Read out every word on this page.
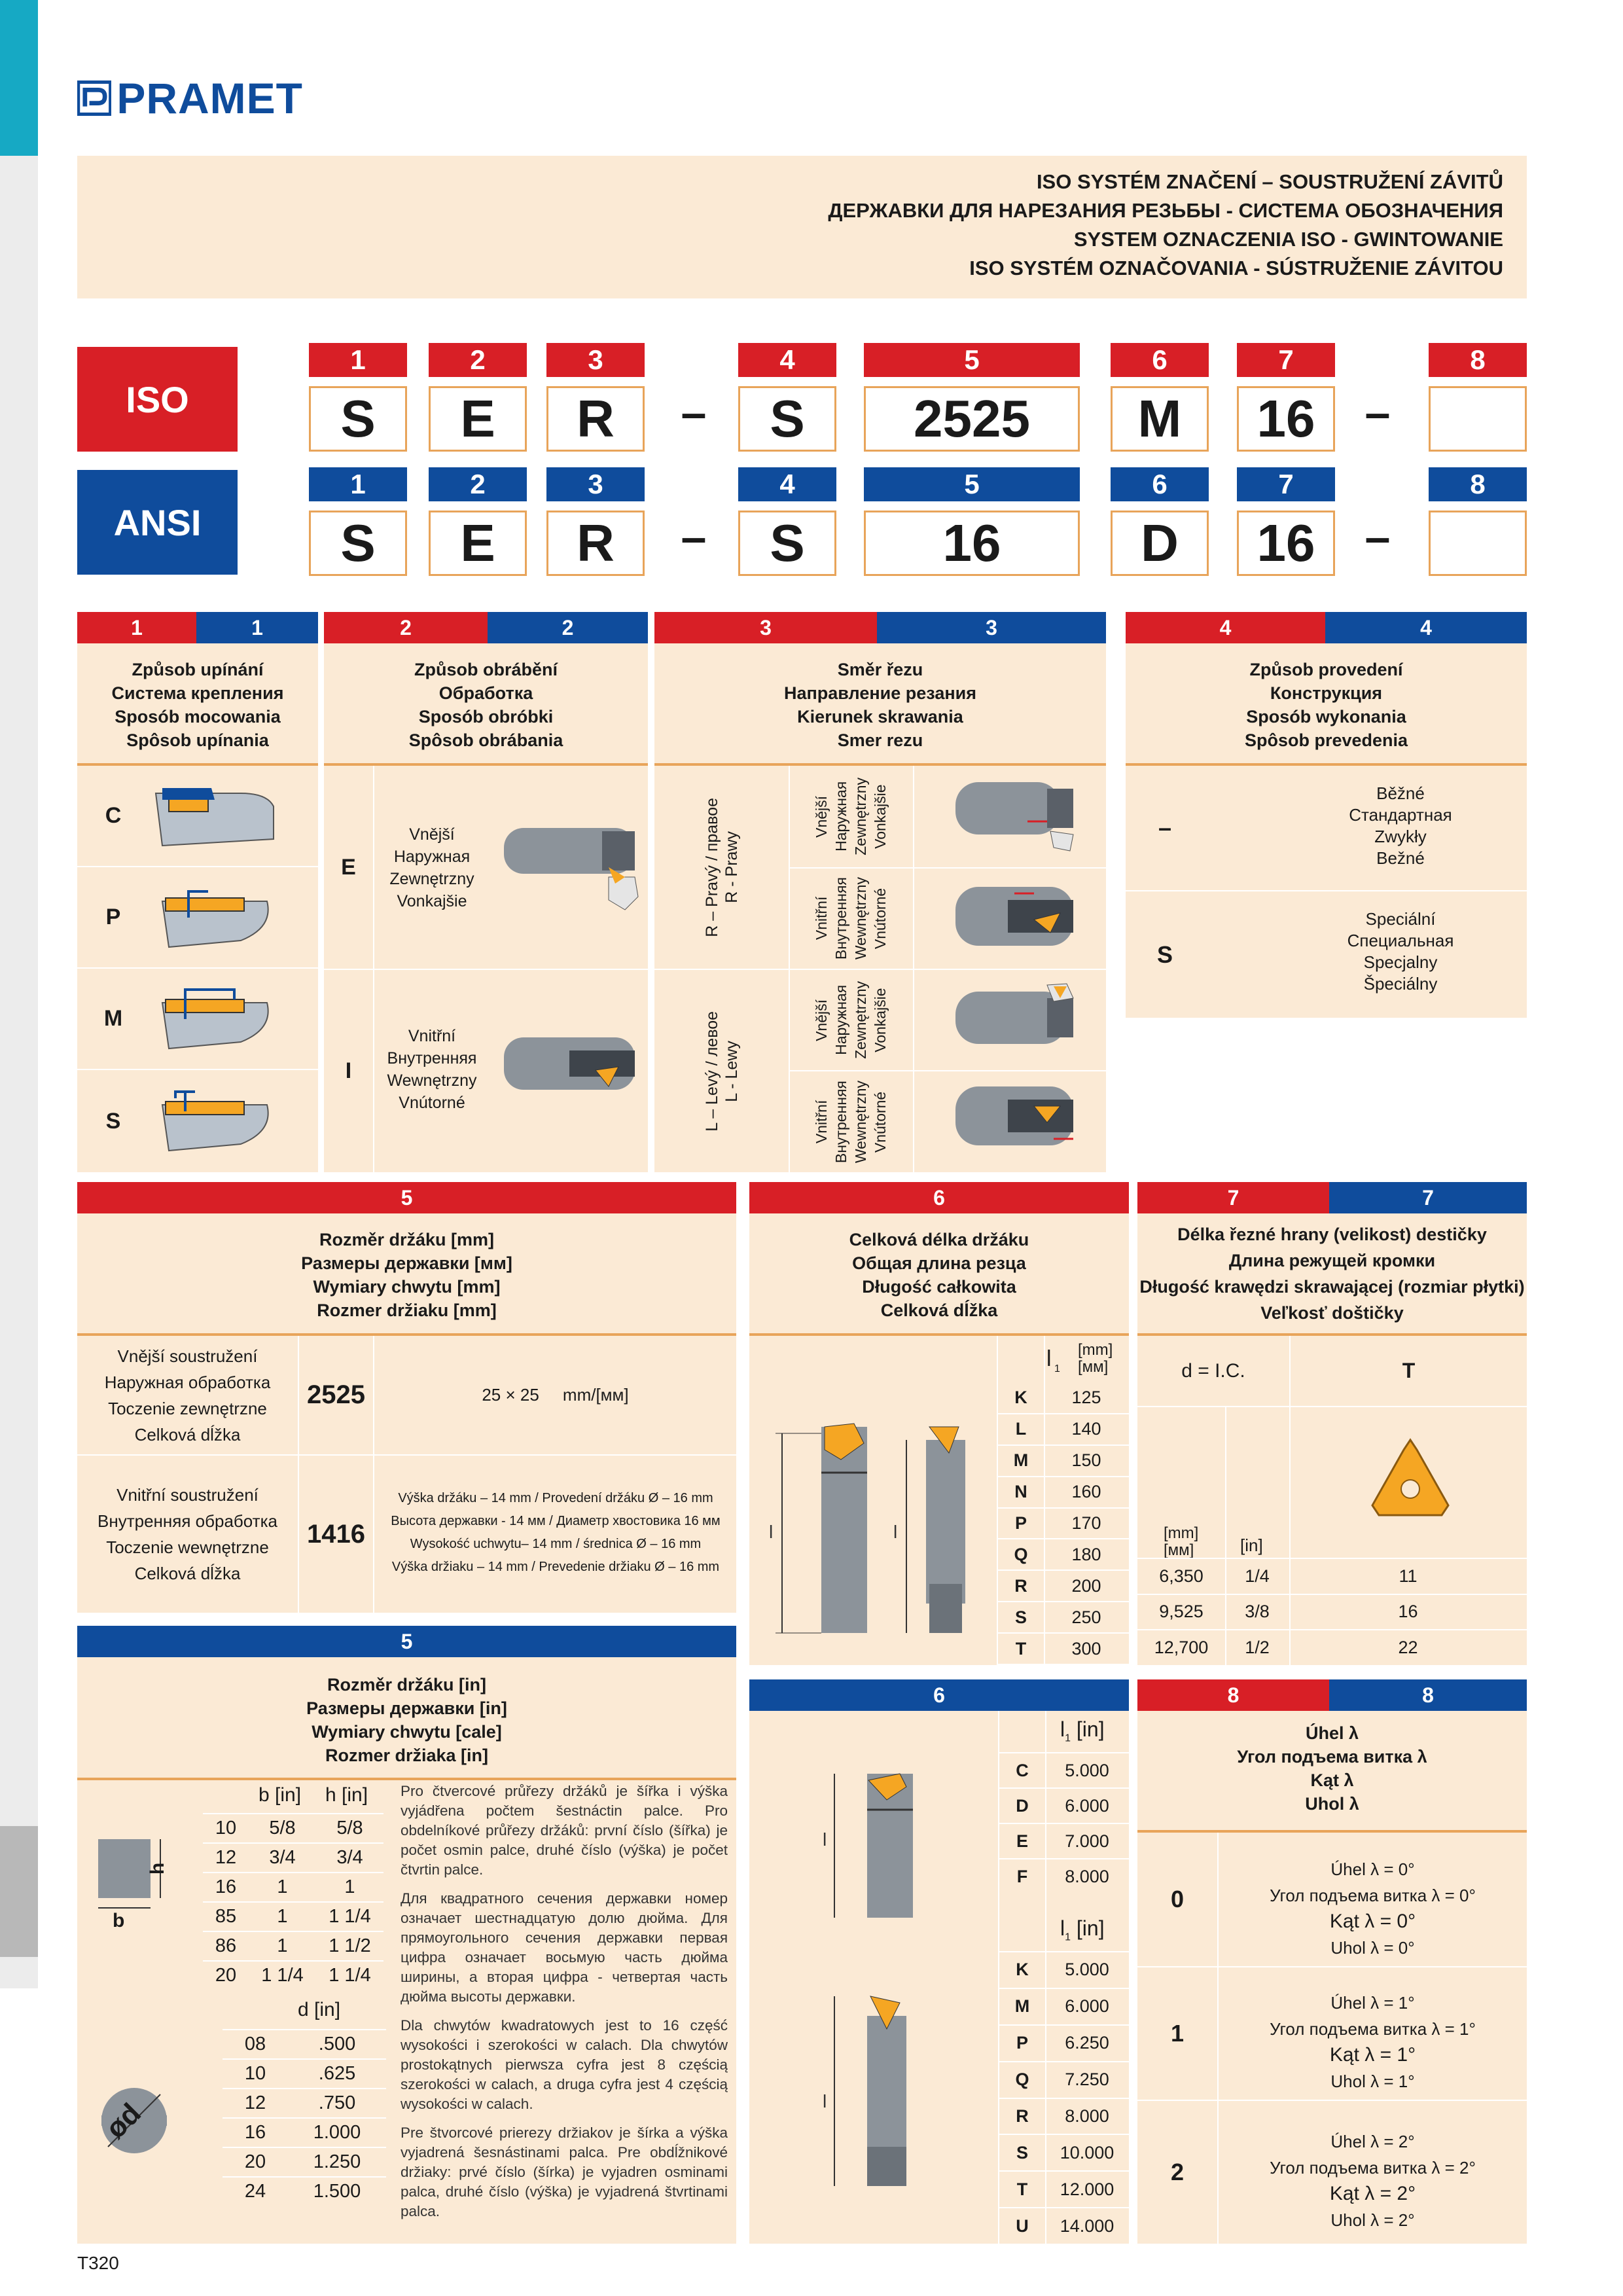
PRAMET
ISO SYSTÉM ZNAČENÍ – SOUSTRUŽENÍ ZÁVITŮ
ДЕРЖАВКИ ДЛЯ НАРЕЗАНИЯ РЕЗЬБЫ - СИСТЕМА ОБОЗНАЧЕНИЯ
SYSTEM OZNACZENIA ISO - GWINTOWANIE
ISO SYSTÉM OZNAČOVANIA - SÚSTRUŽENIE ZÁVITOU
ISO
1	2	3	4	5	6	7	8
S	E	R	–	S	2525	M	16	–
ANSI
1	2	3	4	5	6	7	8
S	E	R	–	S	16	D	16	–
1	1
Způsob upínání
Система крепления
Sposób mocowania
Spôsob upínania
C
P
M
S
2	2
Způsob obrábění
Обработка
Sposób obróbki
Spôsob obrábania
E
Vnější
Наружная
Zewnętrzny
Vonkajšie
I
Vnitřní
Внутренняя
Wewnętrzny
Vnútorné
3	3
Směr řezu
Направление резания
Kierunek skrawania
Smer rezu
R – Pravý / правое R - Prawy
L – Levý / левое L - Lewy
Vnější Наружная Zewnętrzny Vonkajšie
Vnitřní Внутренняя Wewnętrzny Vnútorné
Vnější Наружная Zewnętrzny Vonkajšie
Vnitřní Внутренняя Wewnętrzny Vnútorné
4	4
Způsob provedení
Конструкция
Sposób wykonania
Spôsob prevedenia
–
Běžné
Стандартная
Zwykły
Bežné
S
Speciální
Специальная
Specjalny
Špeciálny
5
Rozměr držáku [mm]
Размеры державки [мм]
Wymiary chwytu [mm]
Rozmer držiaku [mm]
Vnější soustružení
Наружная обработка
Toczenie zewnętrzne
Celková dĺžka
2525	25 × 25     mm/[мм]
Vnitřní soustružení
Внутренняя обработка
Toczenie wewnętrzne
Celková dĺžka
1416
Výška držáku – 14 mm / Provedení držáku Ø – 16 mm
Высота державки - 14 мм / Диаметр хвостовика 16 мм
Wysokość uchwytu– 14 mm / średnica Ø – 16 mm
Výška držiaku – 14 mm / Prevedenie držiaku Ø – 16 mm
6
Celková délka držáku
Общая длина резца
Długość całkowita
Celková dĺžka
l 1
[mm]
[мм]
K	125
L	140
M	150
N	160
P	170
Q	180
R	200
S	250
T	300
l	l
7	7
Délka řezné hrany (velikost) destičky
Длина режущей кромки
Długość krawędzi skrawającej (rozmiar płytki)
Veľkosť doštičky
d = I.C.	T
[mm]
[мм]	[in]
6,350	1/4	11
9,525	3/8	16
12,700	1/2	22
5
Rozměr držáku [in]
Размеры державки [in]
Wymiary chwytu [cale]
Rozmer držiaka [in]
h
b
ød
b [in] h [in]
10	5/8	5/8
12	3/4	3/4
16	1	1
85	1	1 1/4
86	1	1 1/2
20	1 1/4	1 1/4
d [in]
08	.500
10	.625
12	.750
16	1.000
20	1.250
24	1.500

Pro čtvercové průřezy držáků je šířka i výška vyjádřena počtem šestnáctin palce. Pro obdelníkové průřezy držáků: první číslo (šířka) je počet osmin palce, druhé číslo (výška) je počet čtvrtin palce.

Для квадратного сечения державки номер означает шестнадцатую долю дюйма. Для прямоугольного сечения державки первая цифра означает восьмую часть дюйма ширины, а вторая цифра - четвертая часть дюйма высоты державки.

Dla chwytów kwadratowych jest to 16 część wysokości i szerokości w calach. Dla chwytów prostokątnych pierwsza cyfra jest 8 częścią szerokości w calach, a druga cyfra jest 4 częścią wysokości w calach.

Pre štvorcové prierezy držiakov je šírka a výška vyjadrená šesnástinami palca. Pre obdĺžnikové držiaky: prvé číslo (šírka) je vyjadren osminami palca, druhé číslo (výška) je vyjadrená štvrtinami palca.

6
$l_1$ [in]
C	5.000
D	6.000
E	7.000
F	8.000
$l_1$ [in]
K	5.000
M	6.000
P	6.250
Q	7.250
R	8.000
S	10.000
T	12.000
U	14.000
l
l
8	8
Úhel λ
Угол подъема витка λ
Kąt λ
Uhol λ
0
Úhel λ = 0°
Угол подъема витка λ = 0°
Kąt λ = 0°
Uhol λ = 0°
1
Úhel λ = 1°
Угол подъема витка λ = 1°
Kąt λ = 1°
Uhol λ = 1°
2
Úhel λ = 2°
Угол подъема витка λ = 2°
Kąt λ = 2°
Uhol λ = 2°
T320
